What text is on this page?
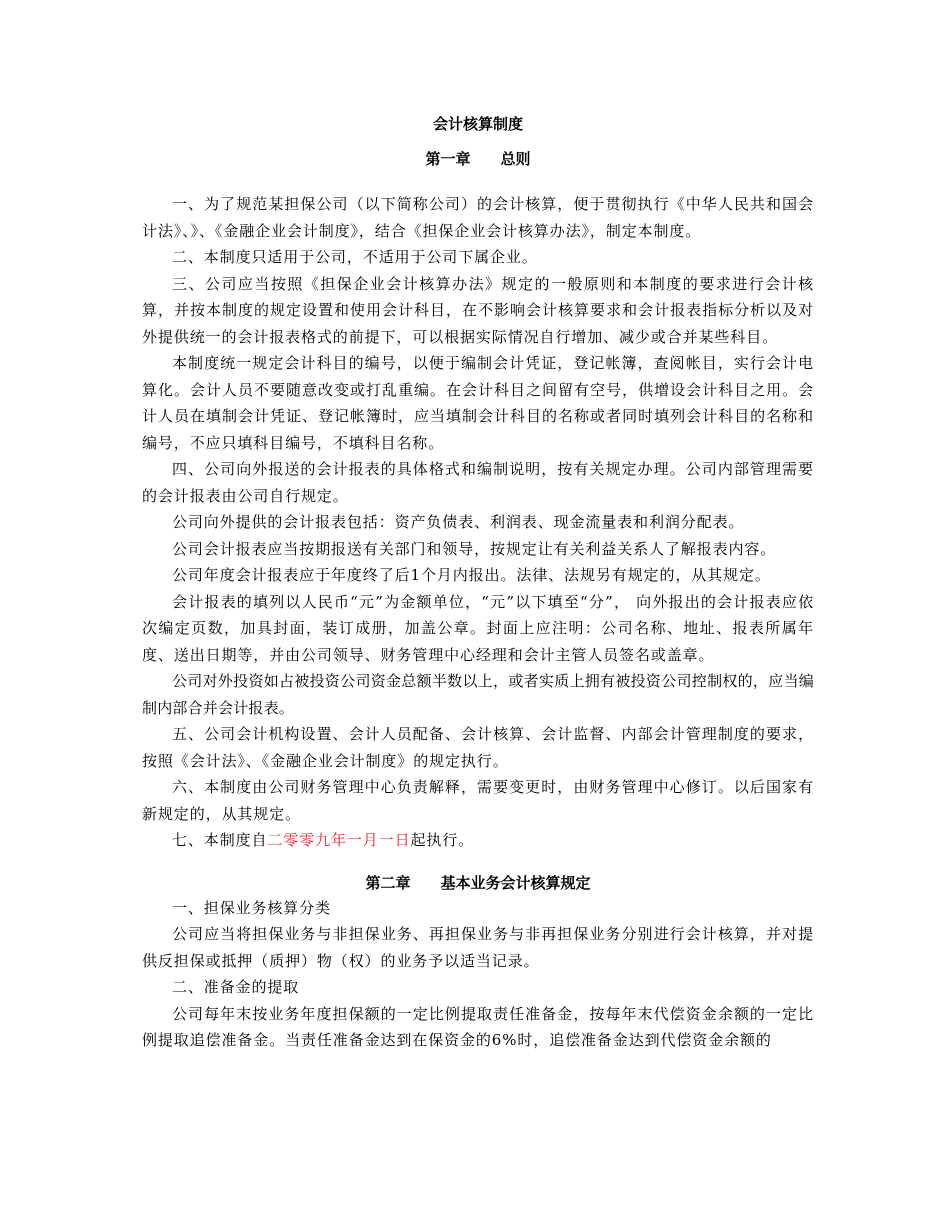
会计核算制度
第一章 总则

一、为了规范某担保公司（以下简称公司）的会计核算，便于贯彻执行《中华人民共和国会计法》、》、《金融企业会计制度》，结合《担保企业会计核算办法》，制定本制度。

二、本制度只适用于公司，不适用于公司下属企业。

三、公司应当按照《担保企业会计核算办法》规定的一般原则和本制度的要求进行会计核算，并按本制度的规定设置和使用会计科目，在不影响会计核算要求和会计报表指标分析以及对外提供统一的会计报表格式的前提下，可以根据实际情况自行增加、减少或合并某些科目。

本制度统一规定会计科目的编号，以便于编制会计凭证，登记帐簿，查阅帐目，实行会计电算化。会计人员不要随意改变或打乱重编。在会计科目之间留有空号，供增设会计科目之用。会计人员在填制会计凭证、登记帐簿时，应当填制会计科目的名称或者同时填列会计科目的名称和编号，不应只填科目编号，不填科目名称。

四、公司向外报送的会计报表的具体格式和编制说明，按有关规定办理。公司内部管理需要的会计报表由公司自行规定。

公司向外提供的会计报表包括：资产负债表、利润表、现金流量表和利润分配表。

公司会计报表应当按期报送有关部门和领导，按规定让有关利益关系人了解报表内容。

公司年度会计报表应于年度终了后1个月内报出。法律、法规另有规定的，从其规定。

会计报表的填列以人民币“元”为金额单位，“元”以下填至“分”， 向外报出的会计报表应依次编定页数，加具封面，装订成册，加盖公章。封面上应注明：公司名称、地址、报表所属年度、送出日期等，并由公司领导、财务管理中心经理和会计主管人员签名或盖章。

公司对外投资如占被投资公司资金总额半数以上，或者实质上拥有被投资公司控制权的，应当编制内部合并会计报表。

五、公司会计机构设置、会计人员配备、会计核算、会计监督、内部会计管理制度的要求，按照《会计法》、《金融企业会计制度》的规定执行。

六、本制度由公司财务管理中心负责解释，需要变更时，由财务管理中心修订。以后国家有新规定的，从其规定。

七、本制度自二零零九年一月一日起执行。

第二章 基本业务会计核算规定

一、担保业务核算分类

公司应当将担保业务与非担保业务、再担保业务与非再担保业务分别进行会计核算，并对提供反担保或抵押（质押）物（权）的业务予以适当记录。

二、准备金的提取

公司每年末按业务年度担保额的一定比例提取责任准备金，按每年末代偿资金余额的一定比例提取追偿准备金。当责任准备金达到在保资金的6%时，追偿准备金达到代偿资金余额的
